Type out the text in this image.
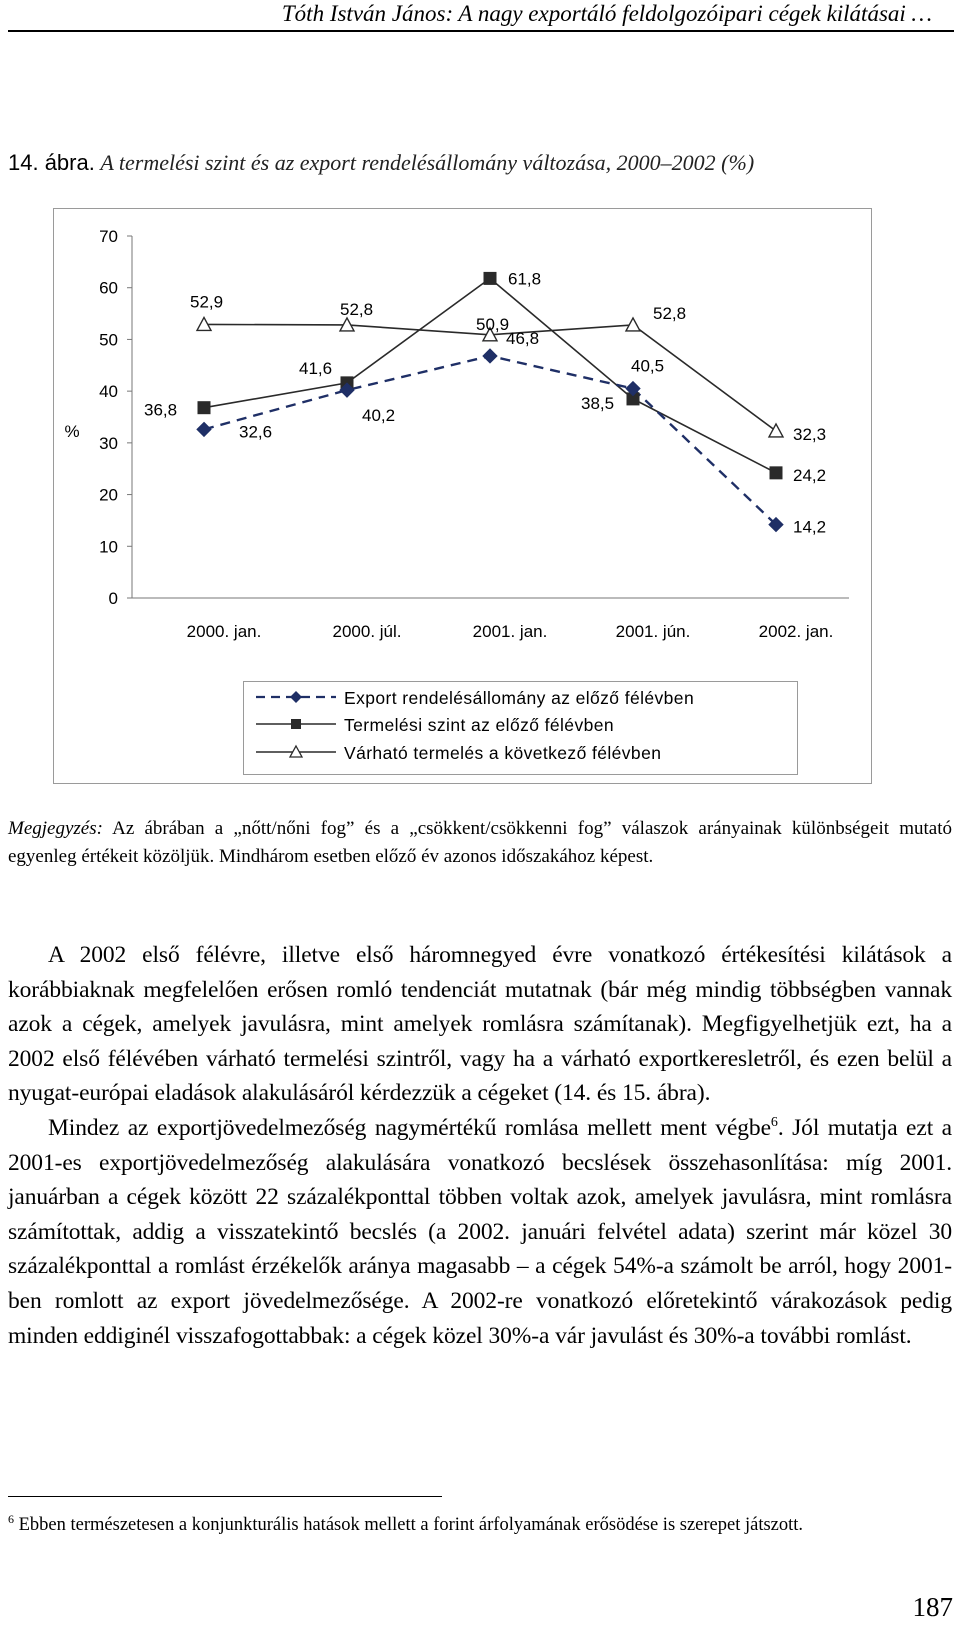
Tóth István János: A nagy exportáló feldolgozóipari cégek kilátásai …
14. ábra. A termelési szint és az export rendelésállomány változása, 2000–2002 (%)
0
10
20
30
40
50
60
70
2000. jan.	2000. júl.	2001. jan.	2001. jún.	2002. jan.
%
52,9	52,8
50,9
52,8
32,3
36,8
41,6
61,8
38,5
24,2
32,6
40,2
46,8
40,5
14,2
Export rendelésállomány az előző félévben
Termelési szint az előző félévben
Várható termelés a következő félévben
Megjegyzés: Az ábrában a „nőtt/nőni fog” és a „csökkent/csökkenni fog” válaszok arányainak különbségeit mutató egyenleg értékeit közöljük. Mindhárom esetben előző év azonos időszakához képest.

A 2002 első félévre, illetve első háromnegyed évre vonatkozó értékesítési kilátások a korábbiaknak megfelelően erősen romló tendenciát mutatnak (bár még mindig többségben vannak azok a cégek, amelyek javulásra, mint amelyek romlásra számítanak). Megfigyelhetjük ezt, ha a 2002 első félévében várható termelési szintről, vagy ha a várható exportkeresletről, és ezen belül a nyugat-európai eladások alakulásáról kérdezzük a cégeket (14. és 15. ábra).

Mindez az exportjövedelmezőség nagymértékű romlása mellett ment végbe$^6$. Jól mutatja ezt a 2001-es exportjövedelmezőség alakulására vonatkozó becslések összehasonlítása: míg 2001. januárban a cégek között 22 százalékponttal többen voltak azok, amelyek javulásra, mint romlásra számítottak, addig a visszatekintő becslés (a 2002. januári felvétel adata) szerint már közel 30 százalékponttal a romlást érzékelők aránya magasabb – a cégek 54%-a számolt be arról, hogy 2001-ben romlott az export jövedelmezősége. A 2002-re vonatkozó előretekintő várakozások pedig minden eddiginél visszafogottabbak: a cégek közel 30%-a vár javulást és 30%-a további romlást.

$^6$ Ebben természetesen a konjunkturális hatások mellett a forint árfolyamának erősödése is szerepet játszott.
187
